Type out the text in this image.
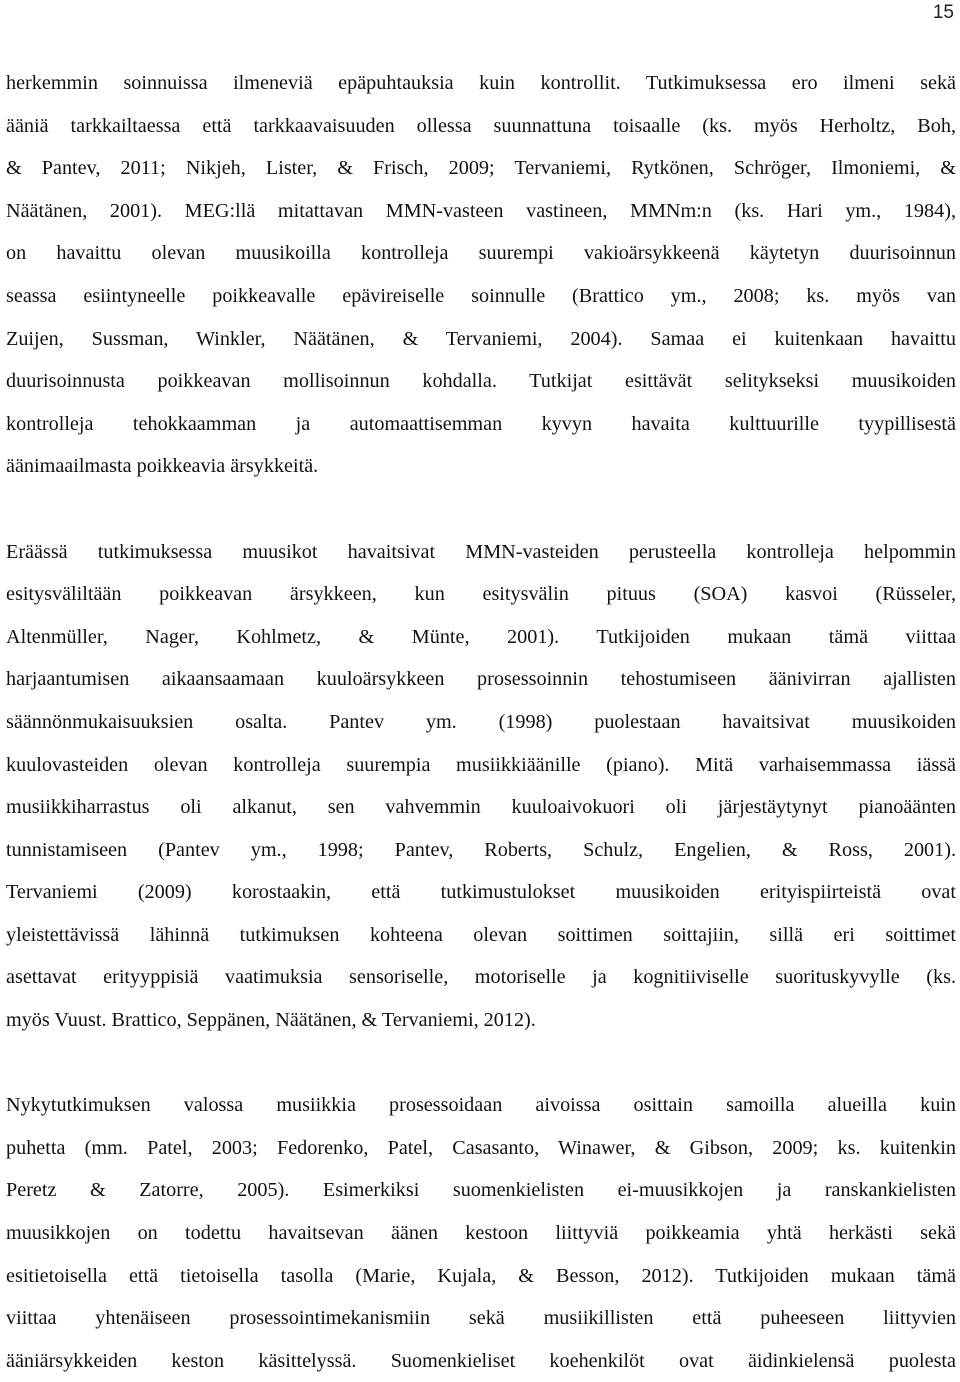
15

herkemmin soinnuissa ilmeneviä epäpuhtauksia kuin kontrollit. Tutkimuksessa ero ilmeni sekä
ääniä tarkkailtaessa että tarkkaavaisuuden ollessa suunnattuna toisaalle (ks. myös Herholtz, Boh,
& Pantev, 2011; Nikjeh, Lister, & Frisch, 2009; Tervaniemi, Rytkönen, Schröger, Ilmoniemi, &
Näätänen, 2001). MEG:llä mitattavan MMN-vasteen vastineen, MMNm:n (ks. Hari ym., 1984),
on havaittu olevan muusikoilla kontrolleja suurempi vakioärsykkeenä käytetyn duurisoinnun
seassa esiintyneelle poikkeavalle epävireiselle soinnulle (Brattico ym., 2008; ks. myös van
Zuijen, Sussman, Winkler, Näätänen, & Tervaniemi, 2004). Samaa ei kuitenkaan havaittu
duurisoinnusta poikkeavan mollisoinnun kohdalla. Tutkijat esittävät selitykseksi muusikoiden
kontrolleja tehokkaamman ja automaattisemman kyvyn havaita kulttuurille tyypillisestä
äänimaailmasta poikkeavia ärsykkeitä.

Eräässä tutkimuksessa muusikot havaitsivat MMN-vasteiden perusteella kontrolleja helpommin
esitysväliltään poikkeavan ärsykkeen, kun esitysvälin pituus (SOA) kasvoi (Rüsseler,
Altenmüller, Nager, Kohlmetz, & Münte, 2001). Tutkijoiden mukaan tämä viittaa
harjaantumisen aikaansaamaan kuuloärsykkeen prosessoinnin tehostumiseen äänivirran ajallisten
säännönmukaisuuksien osalta. Pantev ym. (1998) puolestaan havaitsivat muusikoiden
kuulovasteiden olevan kontrolleja suurempia musiikkiäänille (piano). Mitä varhaisemmassa iässä
musiikkiharrastus oli alkanut, sen vahvemmin kuuloaivokuori oli järjestäytynyt pianoäänten
tunnistamiseen (Pantev ym., 1998; Pantev, Roberts, Schulz, Engelien, & Ross, 2001).
Tervaniemi (2009) korostaakin, että tutkimustulokset muusikoiden erityispiirteistä ovat
yleistettävissä lähinnä tutkimuksen kohteena olevan soittimen soittajiin, sillä eri soittimet
asettavat erityyppisiä vaatimuksia sensoriselle, motoriselle ja kognitiiviselle suorituskyvylle (ks.
myös Vuust. Brattico, Seppänen, Näätänen, & Tervaniemi, 2012).

Nykytutkimuksen valossa musiikkia prosessoidaan aivoissa osittain samoilla alueilla kuin
puhetta (mm. Patel, 2003; Fedorenko, Patel, Casasanto, Winawer, & Gibson, 2009; ks. kuitenkin
Peretz & Zatorre, 2005). Esimerkiksi suomenkielisten ei-muusikkojen ja ranskankielisten
muusikkojen on todettu havaitsevan äänen kestoon liittyviä poikkeamia yhtä herkästi sekä
esitietoisella että tietoisella tasolla (Marie, Kujala, & Besson, 2012). Tutkijoiden mukaan tämä
viittaa yhtenäiseen prosessointimekanismiin sekä musiikillisten että puheeseen liittyvien
ääniärsykkeiden keston käsittelyssä. Suomenkieliset koehenkilöt ovat äidinkielensä puolesta
